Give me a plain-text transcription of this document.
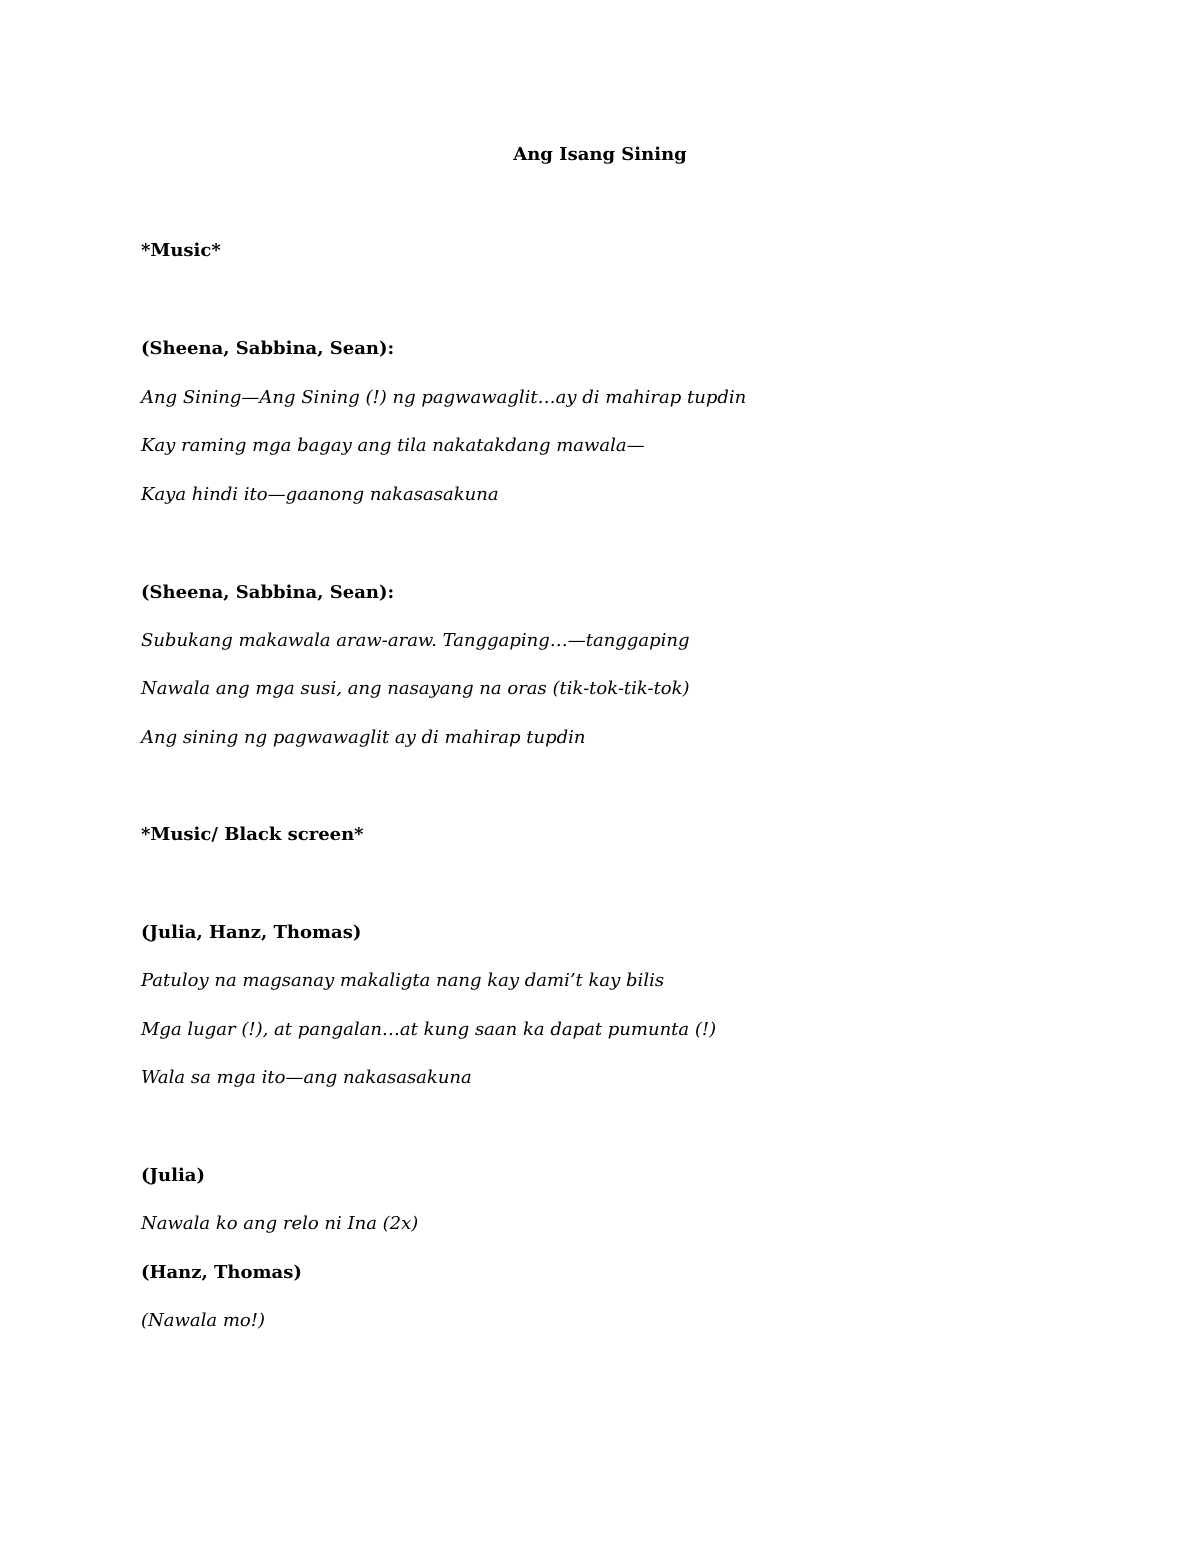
Ang Isang Sining
*Music*
(Sheena, Sabbina, Sean):
Ang Sining—Ang Sining (!) ng pagwawaglit…ay di mahirap tupdin
Kay raming mga bagay ang tila nakatakdang mawala—
Kaya hindi ito—gaanong nakasasakuna
(Sheena, Sabbina, Sean):
Subukang makawala araw-araw. Tanggaping…—tanggaping
Nawala ang mga susi, ang nasayang na oras (tik-tok-tik-tok)
Ang sining ng pagwawaglit ay di mahirap tupdin
*Music/ Black screen*
(Julia, Hanz, Thomas)
Patuloy na magsanay makaligta nang kay dami’t kay bilis
Mga lugar (!), at pangalan…at kung saan ka dapat pumunta (!)
Wala sa mga ito—ang nakasasakuna
(Julia)
Nawala ko ang relo ni Ina (2x)
(Hanz, Thomas)
(Nawala mo!)
